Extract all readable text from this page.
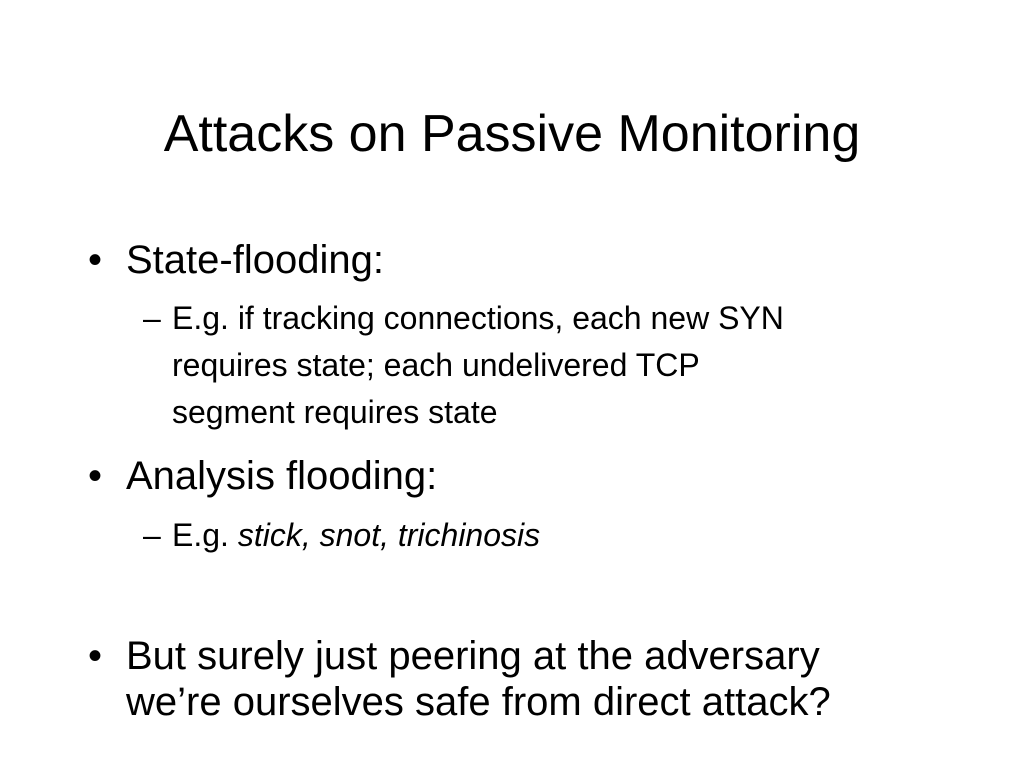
Attacks on Passive Monitoring
• State-flooding:
– E.g. if tracking connections, each new SYN
requires state; each undelivered TCP
segment requires state
• Analysis flooding:
– E.g. stick, snot, trichinosis
• But surely just peering at the adversary
we’re ourselves safe from direct attack?
